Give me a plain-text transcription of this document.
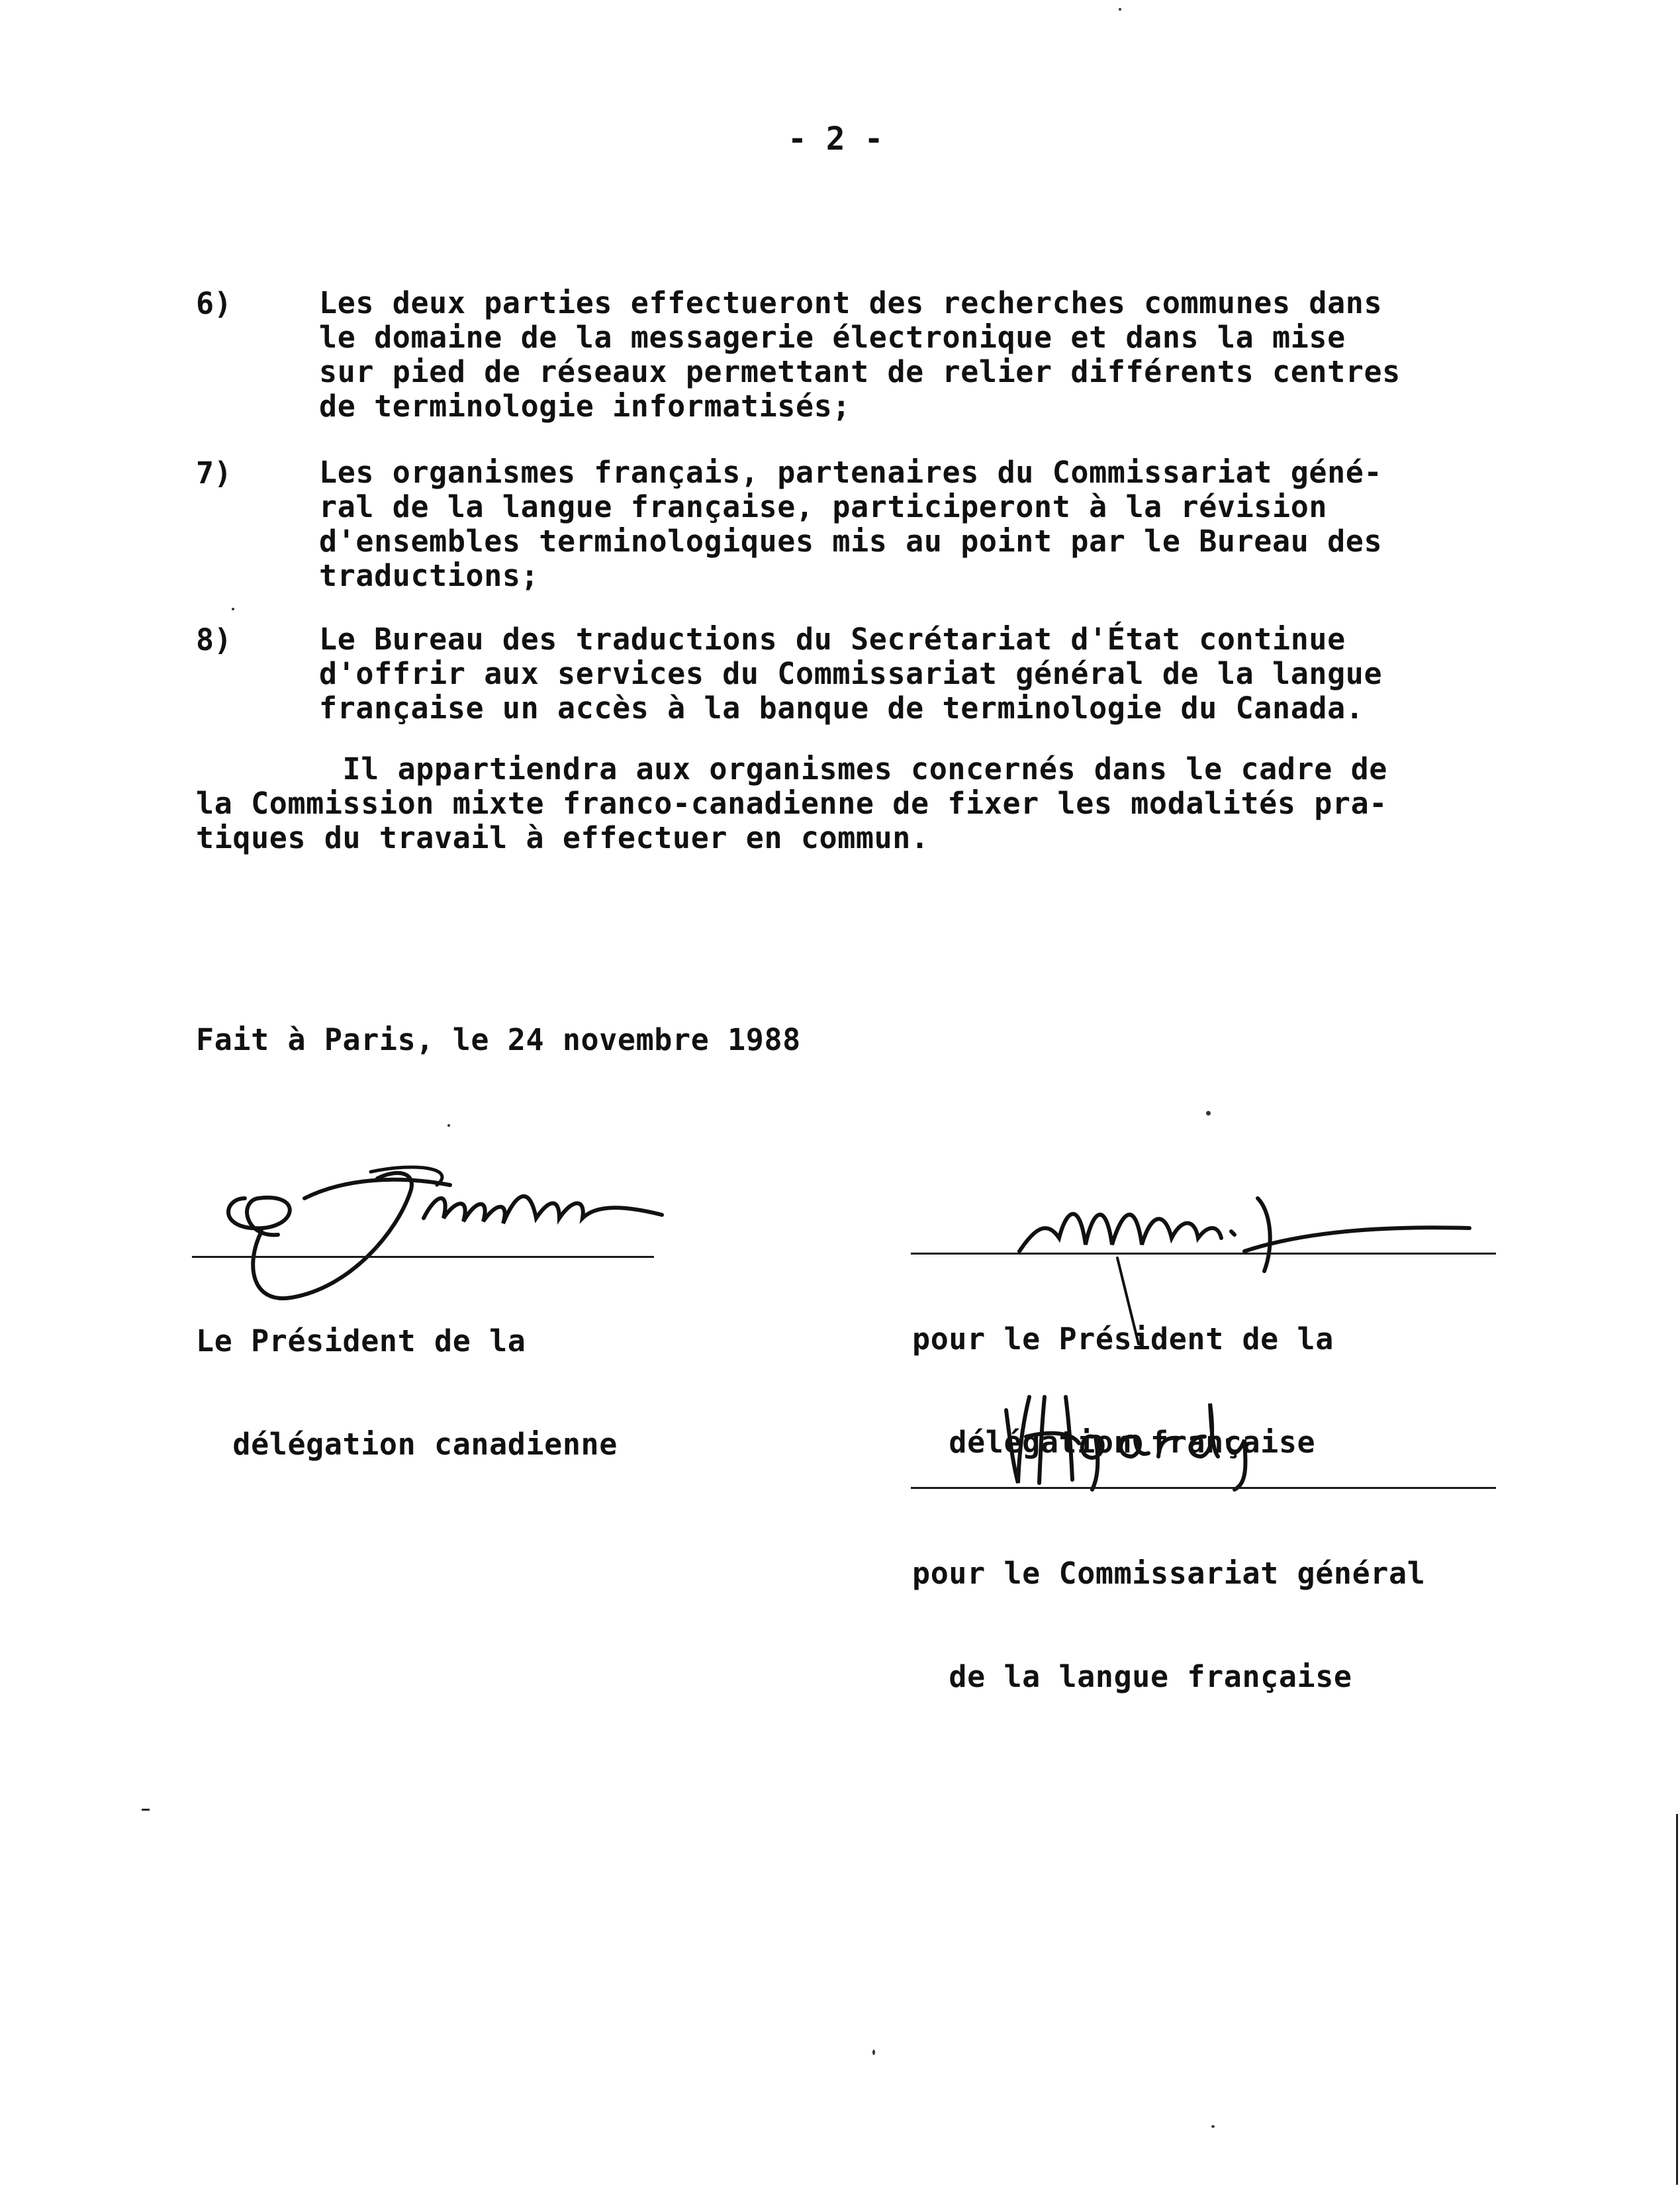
- 2 -
6)	Les deux parties effectueront des recherches communes dans
le domaine de la messagerie électronique et dans la mise
sur pied de réseaux permettant de relier différents centres
de terminologie informatisés;
7)	Les organismes français, partenaires du Commissariat géné-
ral de la langue française, participeront à la révision
d'ensembles terminologiques mis au point par le Bureau des
traductions;
8)	Le Bureau des traductions du Secrétariat d'État continue
d'offrir aux services du Commissariat général de la langue
française un accès à la banque de terminologie du Canada.
Il appartiendra aux organismes concernés dans le cadre de
la Commission mixte franco-canadienne de fixer les modalités pra-
tiques du travail à effectuer en commun.
Fait à Paris, le 24 novembre 1988

Le Président de la

délégation canadienne

pour le Président de la

délégation française

pour le Commissariat général

de la langue française
